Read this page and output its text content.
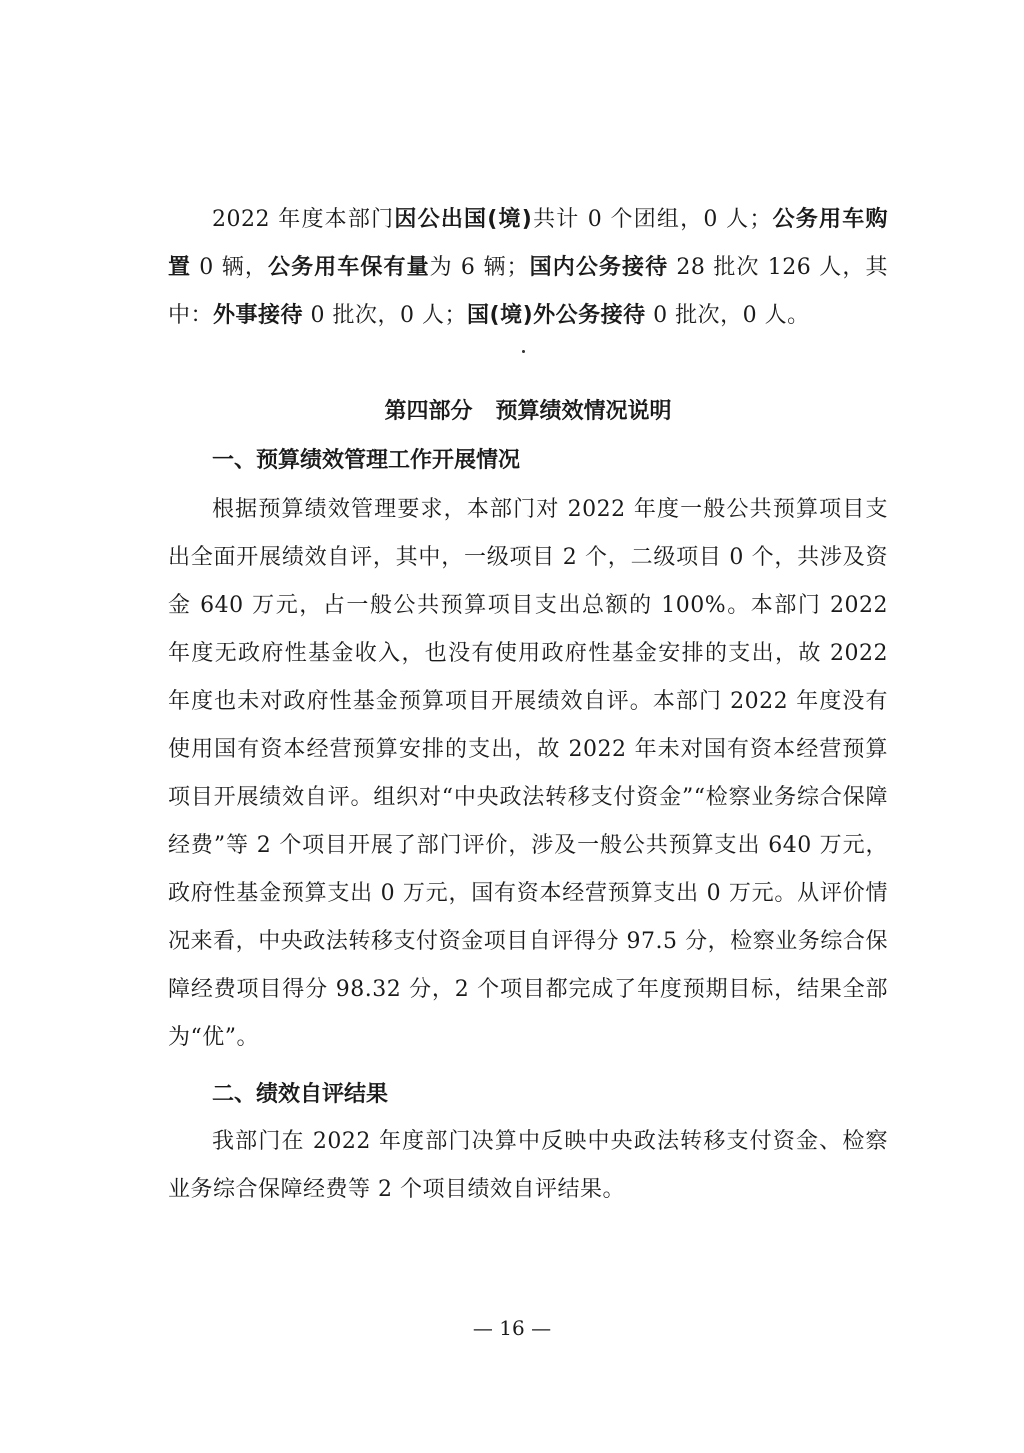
2022 年度本部门因公出国(境)共计 0 个团组，0 人；公务用车购置 0 辆，公务用车保有量为 6 辆；国内公务接待 28 批次 126 人，其中：外事接待 0 批次，0 人；国(境)外公务接待 0 批次，0 人。

第四部分   预算绩效情况说明

一、预算绩效管理工作开展情况

根据预算绩效管理要求，本部门对 2022 年度一般公共预算项目支出全面开展绩效自评，其中，一级项目 2 个，二级项目 0 个，共涉及资金 640 万元，占一般公共预算项目支出总额的 100%。本部门 2022 年度无政府性基金收入，也没有使用政府性基金安排的支出，故 2022 年度也未对政府性基金预算项目开展绩效自评。本部门 2022 年度没有使用国有资本经营预算安排的支出，故 2022 年未对国有资本经营预算项目开展绩效自评。组织对“中央政法转移支付资金”“检察业务综合保障经费”等 2 个项目开展了部门评价，涉及一般公共预算支出 640 万元，政府性基金预算支出 0 万元，国有资本经营预算支出 0 万元。从评价情况来看，中央政法转移支付资金项目自评得分 97.5 分，检察业务综合保障经费项目得分 98.32 分，2 个项目都完成了年度预期目标，结果全部为“优”。

二、绩效自评结果

我部门在 2022 年度部门决算中反映中央政法转移支付资金、检察业务综合保障经费等 2 个项目绩效自评结果。

— 16 —
